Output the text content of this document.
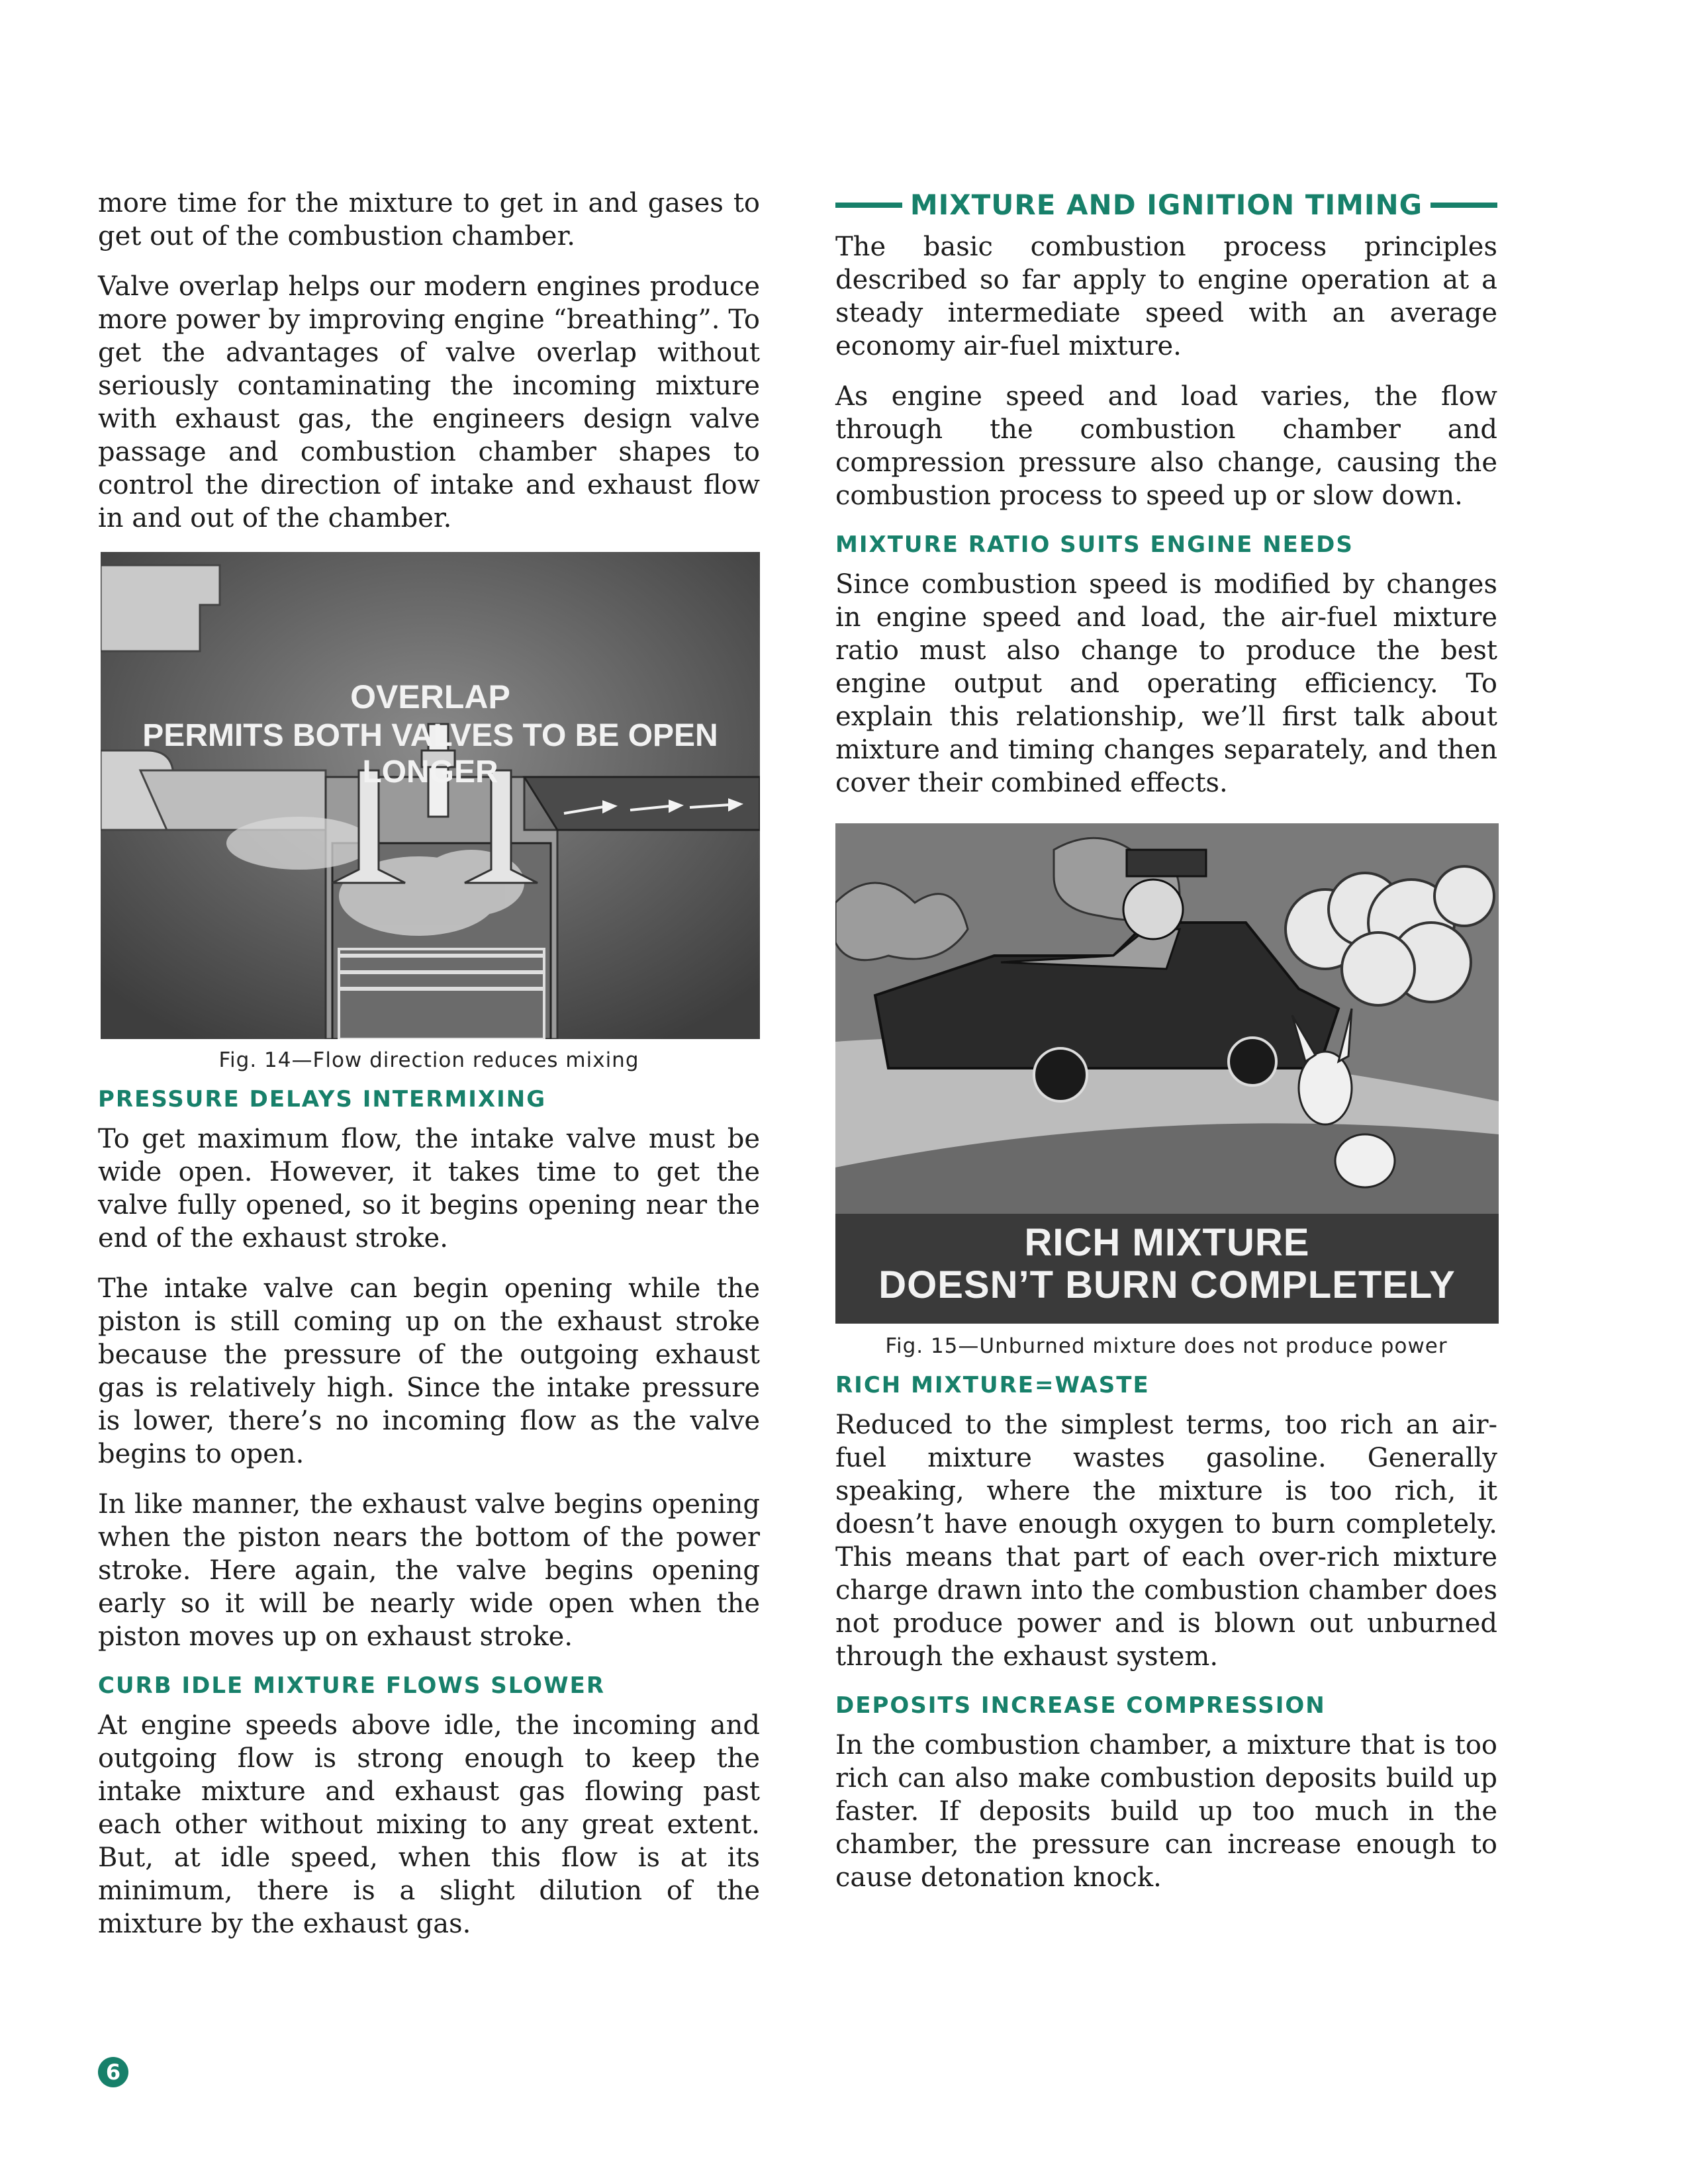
more time for the mixture to get in and gases to get out of the combustion chamber.

Valve overlap helps our modern engines produce more power by improving engine “breathing”. To get the advantages of valve overlap without seriously contaminating the incoming mixture with exhaust gas, the engineers design valve passage and combustion chamber shapes to control the direction of intake and exhaust flow in and out of the chamber.

OVERLAP
PERMITS BOTH VALVES TO BE OPEN LONGER
Fig. 14—Flow direction reduces mixing
PRESSURE DELAYS INTERMIXING

To get maximum flow, the intake valve must be wide open. However, it takes time to get the valve fully opened, so it begins opening near the end of the exhaust stroke.

The intake valve can begin opening while the piston is still coming up on the exhaust stroke because the pressure of the outgoing exhaust gas is relatively high. Since the intake pressure is lower, there’s no incoming flow as the valve begins to open.

In like manner, the exhaust valve begins opening when the piston nears the bottom of the power stroke. Here again, the valve begins opening early so it will be nearly wide open when the piston moves up on exhaust stroke.

CURB IDLE MIXTURE FLOWS SLOWER

At engine speeds above idle, the incoming and outgoing flow is strong enough to keep the intake mixture and exhaust gas flowing past each other without mixing to any great extent. But, at idle speed, when this flow is at its minimum, there is a slight dilution of the mixture by the exhaust gas.

MIXTURE AND IGNITION TIMING

The basic combustion process principles described so far apply to engine operation at a steady intermediate speed with an average economy air-fuel mixture.

As engine speed and load varies, the flow through the combustion chamber and compression pressure also change, causing the combustion process to speed up or slow down.

MIXTURE RATIO SUITS ENGINE NEEDS

Since combustion speed is modified by changes in engine speed and load, the air-fuel mixture ratio must also change to produce the best engine output and operating efficiency. To explain this relationship, we’ll first talk about mixture and timing changes separately, and then cover their combined effects.

RICH MIXTURE
DOESN’T BURN COMPLETELY
Fig. 15—Unburned mixture does not produce power
RICH MIXTURE=WASTE

Reduced to the simplest terms, too rich an air-fuel mixture wastes gasoline. Generally speaking, where the mixture is too rich, it doesn’t have enough oxygen to burn completely. This means that part of each over-rich mixture charge drawn into the combustion chamber does not produce power and is blown out unburned through the exhaust system.

DEPOSITS INCREASE COMPRESSION

In the combustion chamber, a mixture that is too rich can also make combustion deposits build up faster. If deposits build up too much in the chamber, the pressure can increase enough to cause detonation knock.

6
